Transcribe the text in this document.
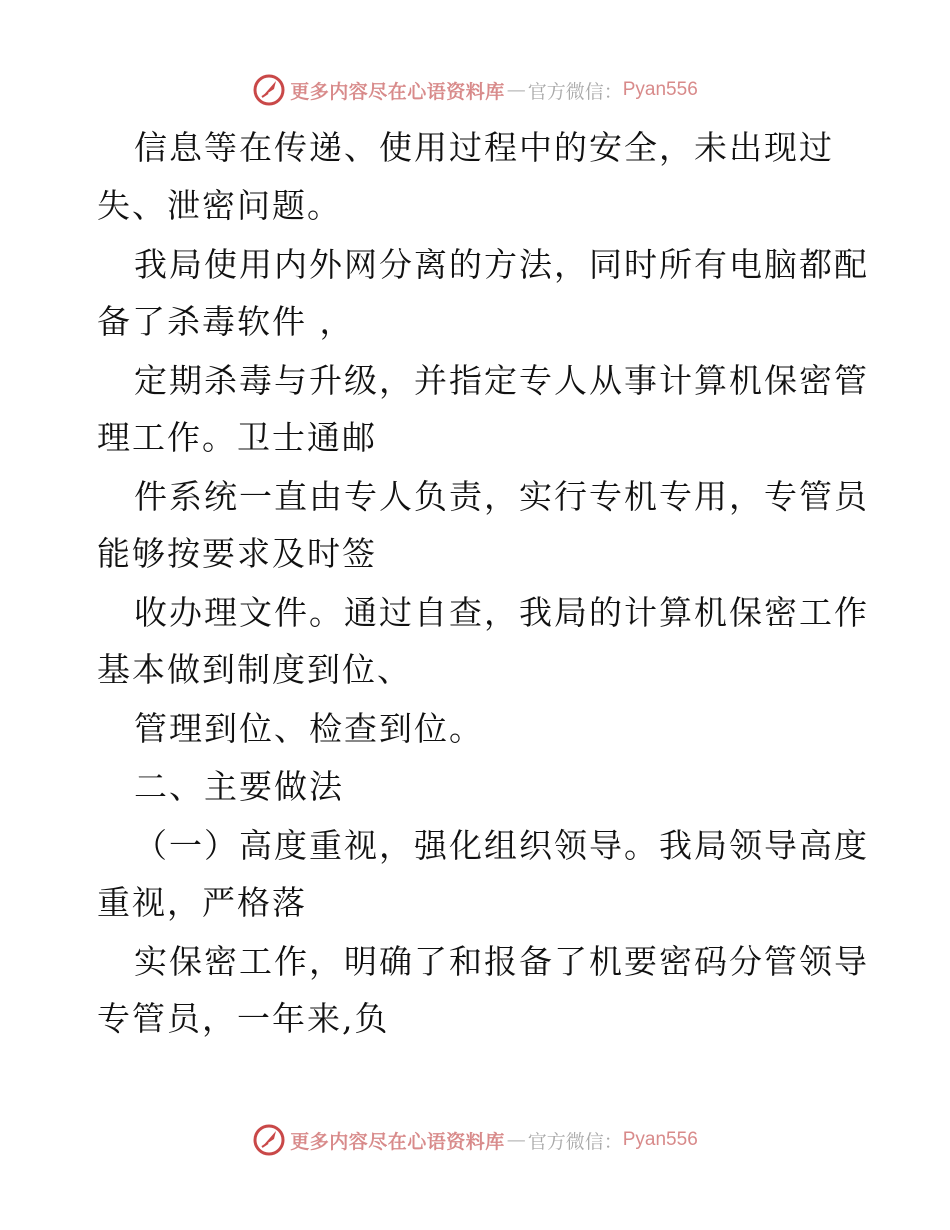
更多内容尽在心语资料库 — 官方微信： Pyan556
信息等在传递、使用过程中的安全，未出现过
失、泄密问题。
我局使用内外网分离的方法，同时所有电脑都配
备了杀毒软件 ，
定期杀毒与升级，并指定专人从事计算机保密管
理工作。卫士通邮
件系统一直由专人负责，实行专机专用，专管员
能够按要求及时签
收办理文件。通过自查，我局的计算机保密工作
基本做到制度到位、
管理到位、检查到位。
二、主要做法
（一）高度重视，强化组织领导。我局领导高度
重视，严格落
实保密工作，明确了和报备了机要密码分管领导
专管员，一年来,负
更多内容尽在心语资料库 — 官方微信： Pyan556
